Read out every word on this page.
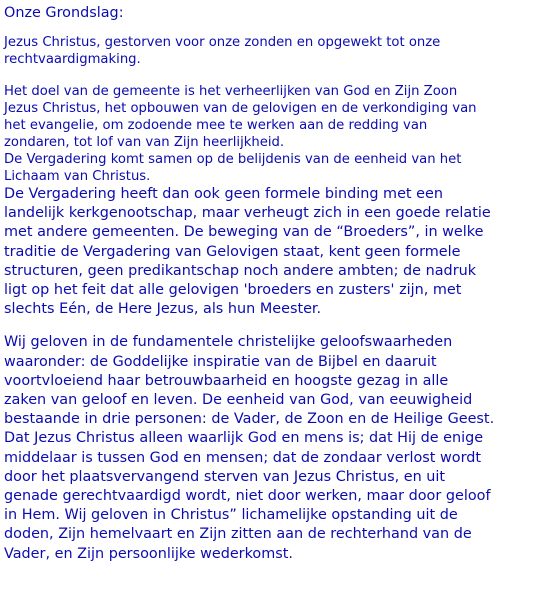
Onze Grondslag:
Jezus Christus, gestorven voor onze zonden en opgewekt tot onze
rechtvaardigmaking.
Het doel van de gemeente is het verheerlijken van God en Zijn Zoon
Jezus Christus, het opbouwen van de gelovigen en de verkondiging van
het evangelie, om zodoende mee te werken aan de redding van
zondaren, tot lof van van Zijn heerlijkheid.
De Vergadering komt samen op de belijdenis van de eenheid van het
Lichaam van Christus.
De Vergadering heeft dan ook geen formele binding met een
landelijk kerkgenootschap, maar verheugt zich in een goede relatie
met andere gemeenten. De beweging van de “Broeders”, in welke
traditie de Vergadering van Gelovigen staat, kent geen formele
structuren, geen predikantschap noch andere ambten; de nadruk
ligt op het feit dat alle gelovigen 'broeders en zusters' zijn, met
slechts Eén, de Here Jezus, als hun Meester.
Wij geloven in de fundamentele christelijke geloofswaarheden
waaronder: de Goddelijke inspiratie van de Bijbel en daaruit
voortvloeiend haar betrouwbaarheid en hoogste gezag in alle
zaken van geloof en leven. De eenheid van God, van eeuwigheid
bestaande in drie personen: de Vader, de Zoon en de Heilige Geest.
Dat Jezus Christus alleen waarlijk God en mens is; dat Hij de enige
middelaar is tussen God en mensen; dat de zondaar verlost wordt
door het plaatsvervangend sterven van Jezus Christus, en uit
genade gerechtvaardigd wordt, niet door werken, maar door geloof
in Hem. Wij geloven in Christus” lichamelijke opstanding uit de
doden, Zijn hemelvaart en Zijn zitten aan de rechterhand van de
Vader, en Zijn persoonlijke wederkomst.
